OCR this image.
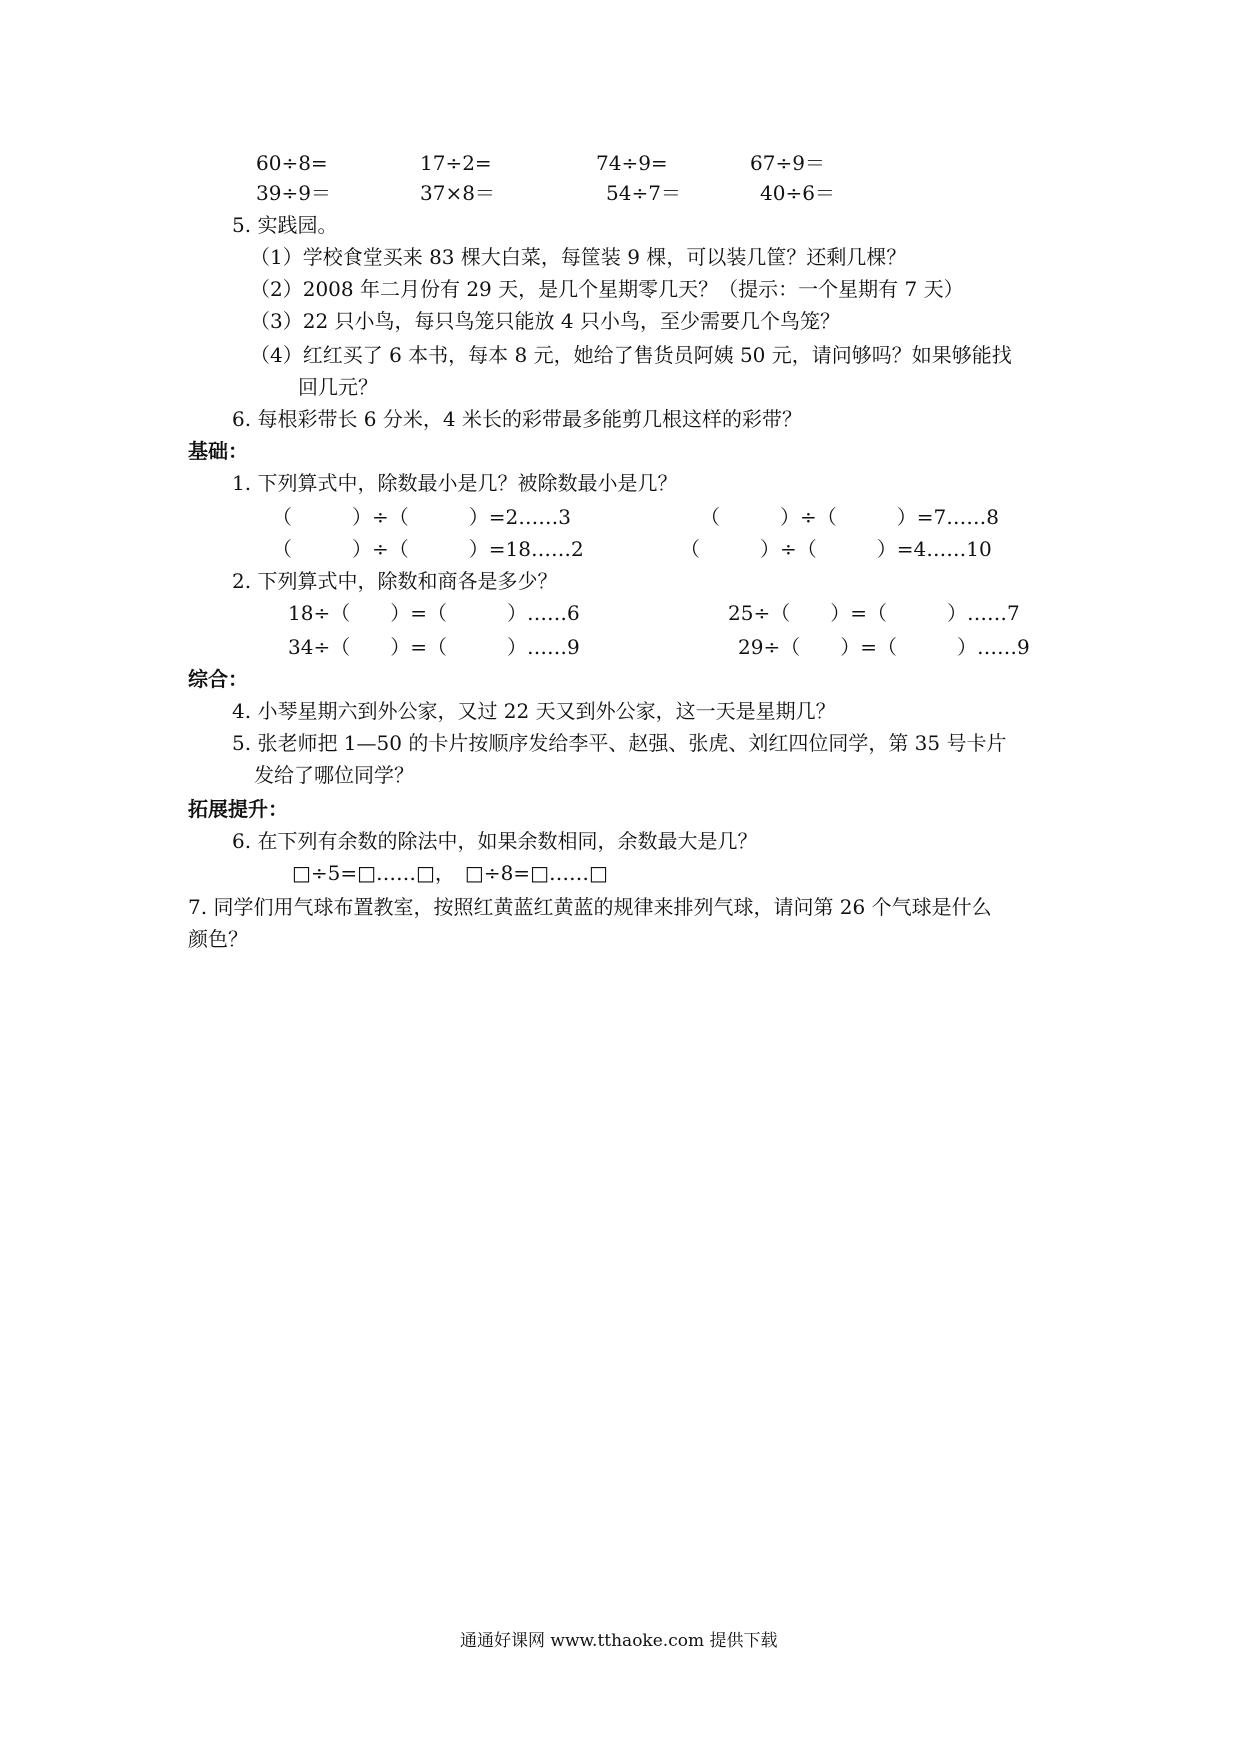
60÷8=	17÷2=	74÷9=	67÷9＝
39÷9＝	37×8＝	54÷7＝	40÷6＝
5. 实践园。
（1）学校食堂买来 83 棵大白菜，每筐装 9 棵，可以装几筐？还剩几棵？
（2）2008 年二月份有 29 天，是几个星期零几天？（提示：一个星期有 7 天）
（3）22 只小鸟，每只鸟笼只能放 4 只小鸟，至少需要几个鸟笼？
（4）红红买了 6 本书，每本 8 元，她给了售货员阿姨 50 元，请问够吗？如果够能找
回几元？
6. 每根彩带长 6 分米，4 米长的彩带最多能剪几根这样的彩带？
基础：
1. 下列算式中，除数最小是几？被除数最小是几？
（　　　）÷（　　　）=2……3	（　　　）÷（　　　）=7……8
（　　　）÷（　　　）=18……2	（　　　）÷（　　　）=4……10
2. 下列算式中，除数和商各是多少？
18÷（　　）=（　　　）……6	25÷（　　）=（　　　）……7
34÷（　　）=（　　　）……9	29÷（　　）=（　　　）……9
综合：
4. 小琴星期六到外公家，又过 22 天又到外公家，这一天是星期几？
5. 张老师把 1—50 的卡片按顺序发给李平、赵强、张虎、刘红四位同学，第 35 号卡片
发给了哪位同学？
拓展提升：
6. 在下列有余数的除法中，如果余数相同，余数最大是几？
□÷5=□……□，　□÷8=□……□
7. 同学们用气球布置教室，按照红黄蓝红黄蓝的规律来排列气球，请问第 26 个气球是什么
颜色？
通通好课网 www.tthaoke.com 提供下载
